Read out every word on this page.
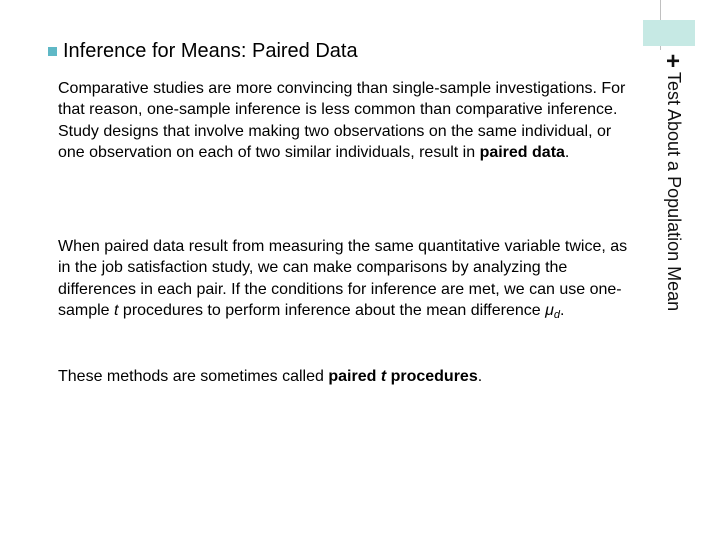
+
Inference for Means: Paired Data
Test About a Population Mean
Comparative studies are more convincing than single-sample investigations. For that reason, one-sample inference is less common than comparative inference. Study designs that involve making two observations on the same individual, or one observation on each of two similar individuals, result in paired data.
When paired data result from measuring the same quantitative variable twice, as in the job satisfaction study, we can make comparisons by analyzing the differences in each pair. If the conditions for inference are met, we can use one-sample t procedures to perform inference about the mean difference $\mu_d$.
These methods are sometimes called paired t procedures.
